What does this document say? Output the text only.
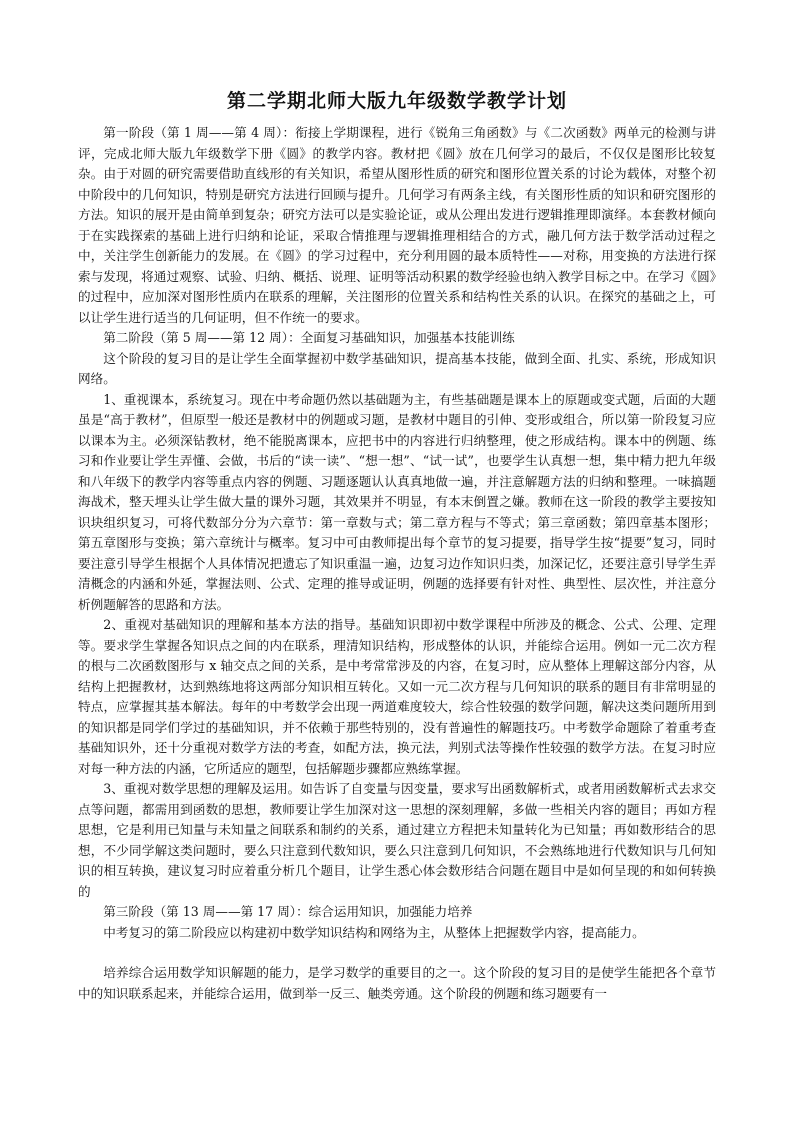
第二学期北师大版九年级数学教学计划

第一阶段（第 1 周——第 4 周）：衔接上学期课程，进行《锐角三角函数》与《二次函数》两单元的检测与讲评，完成北师大版九年级数学下册《圆》的教学内容。教材把《圆》放在几何学习的最后，不仅仅是图形比较复杂。由于对圆的研究需要借助直线形的有关知识，希望从图形性质的研究和图形位置关系的讨论为载体，对整个初中阶段中的几何知识，特别是研究方法进行回顾与提升。几何学习有两条主线，有关图形性质的知识和研究图形的方法。知识的展开是由简单到复杂；研究方法可以是实验论证，或从公理出发进行逻辑推理即演绎。本套教材倾向于在实践探索的基础上进行归纳和论证，采取合情推理与逻辑推理相结合的方式，融几何方法于数学活动过程之中，关注学生创新能力的发展。在《圆》的学习过程中，充分利用圆的最本质特性——对称，用变换的方法进行探索与发现，将通过观察、试验、归纳、概括、说理、证明等活动积累的数学经验也纳入教学目标之中。在学习《圆》的过程中，应加深对图形性质内在联系的理解，关注图形的位置关系和结构性关系的认识。在探究的基础之上，可以让学生进行适当的几何证明，但不作统一的要求。

第二阶段（第 5 周——第 12 周）：全面复习基础知识，加强基本技能训练

这个阶段的复习目的是让学生全面掌握初中数学基础知识，提高基本技能，做到全面、扎实、系统，形成知识网络。

1、重视课本，系统复习。现在中考命题仍然以基础题为主，有些基础题是课本上的原题或变式题，后面的大题虽是“高于教材”，但原型一般还是教材中的例题或习题，是教材中题目的引伸、变形或组合，所以第一阶段复习应以课本为主。必须深钻教材，绝不能脱离课本，应把书中的内容进行归纳整理，使之形成结构。课本中的例题、练习和作业要让学生弄懂、会做，书后的“读一读”、“想一想”、“试一试”，也要学生认真想一想，集中精力把九年级和八年级下的教学内容等重点内容的例题、习题逐题认认真真地做一遍，并注意解题方法的归纳和整理。一味搞题海战术，整天埋头让学生做大量的课外习题，其效果并不明显，有本末倒置之嫌。教师在这一阶段的教学主要按知识块组织复习，可将代数部分分为六章节：第一章数与式；第二章方程与不等式；第三章函数；第四章基本图形；第五章图形与变换；第六章统计与概率。复习中可由教师提出每个章节的复习提要，指导学生按“提要”复习，同时要注意引导学生根据个人具体情况把遗忘了知识重温一遍，边复习边作知识归类，加深记忆，还要注意引导学生弄清概念的内涵和外延，掌握法则、公式、定理的推导或证明，例题的选择要有针对性、典型性、层次性，并注意分析例题解答的思路和方法。

2、重视对基础知识的理解和基本方法的指导。基础知识即初中数学课程中所涉及的概念、公式、公理、定理等。要求学生掌握各知识点之间的内在联系，理清知识结构，形成整体的认识，并能综合运用。例如一元二次方程的根与二次函数图形与 x 轴交点之间的关系，是中考常常涉及的内容，在复习时，应从整体上理解这部分内容，从结构上把握教材，达到熟练地将这两部分知识相互转化。又如一元二次方程与几何知识的联系的题目有非常明显的特点，应掌握其基本解法。每年的中考数学会出现一两道难度较大，综合性较强的数学问题，解决这类问题所用到的知识都是同学们学过的基础知识，并不依赖于那些特别的，没有普遍性的解题技巧。中考数学命题除了着重考查基础知识外，还十分重视对数学方法的考查，如配方法，换元法，判别式法等操作性较强的数学方法。在复习时应对每一种方法的内涵，它所适应的题型，包括解题步骤都应熟练掌握。

3、重视对数学思想的理解及运用。如告诉了自变量与因变量，要求写出函数解析式，或者用函数解析式去求交点等问题，都需用到函数的思想，教师要让学生加深对这一思想的深刻理解，多做一些相关内容的题目；再如方程思想，它是利用已知量与未知量之间联系和制约的关系，通过建立方程把未知量转化为已知量；再如数形结合的思想，不少同学解这类问题时，要么只注意到代数知识，要么只注意到几何知识，不会熟练地进行代数知识与几何知识的相互转换，建议复习时应着重分析几个题目，让学生悉心体会数形结合问题在题目中是如何呈现的和如何转换的

第三阶段（第 13 周——第 17 周）：综合运用知识，加强能力培养

中考复习的第二阶段应以构建初中数学知识结构和网络为主，从整体上把握数学内容，提高能力。

培养综合运用数学知识解题的能力，是学习数学的重要目的之一。这个阶段的复习目的是使学生能把各个章节中的知识联系起来，并能综合运用，做到举一反三、触类旁通。这个阶段的例题和练习题要有一
